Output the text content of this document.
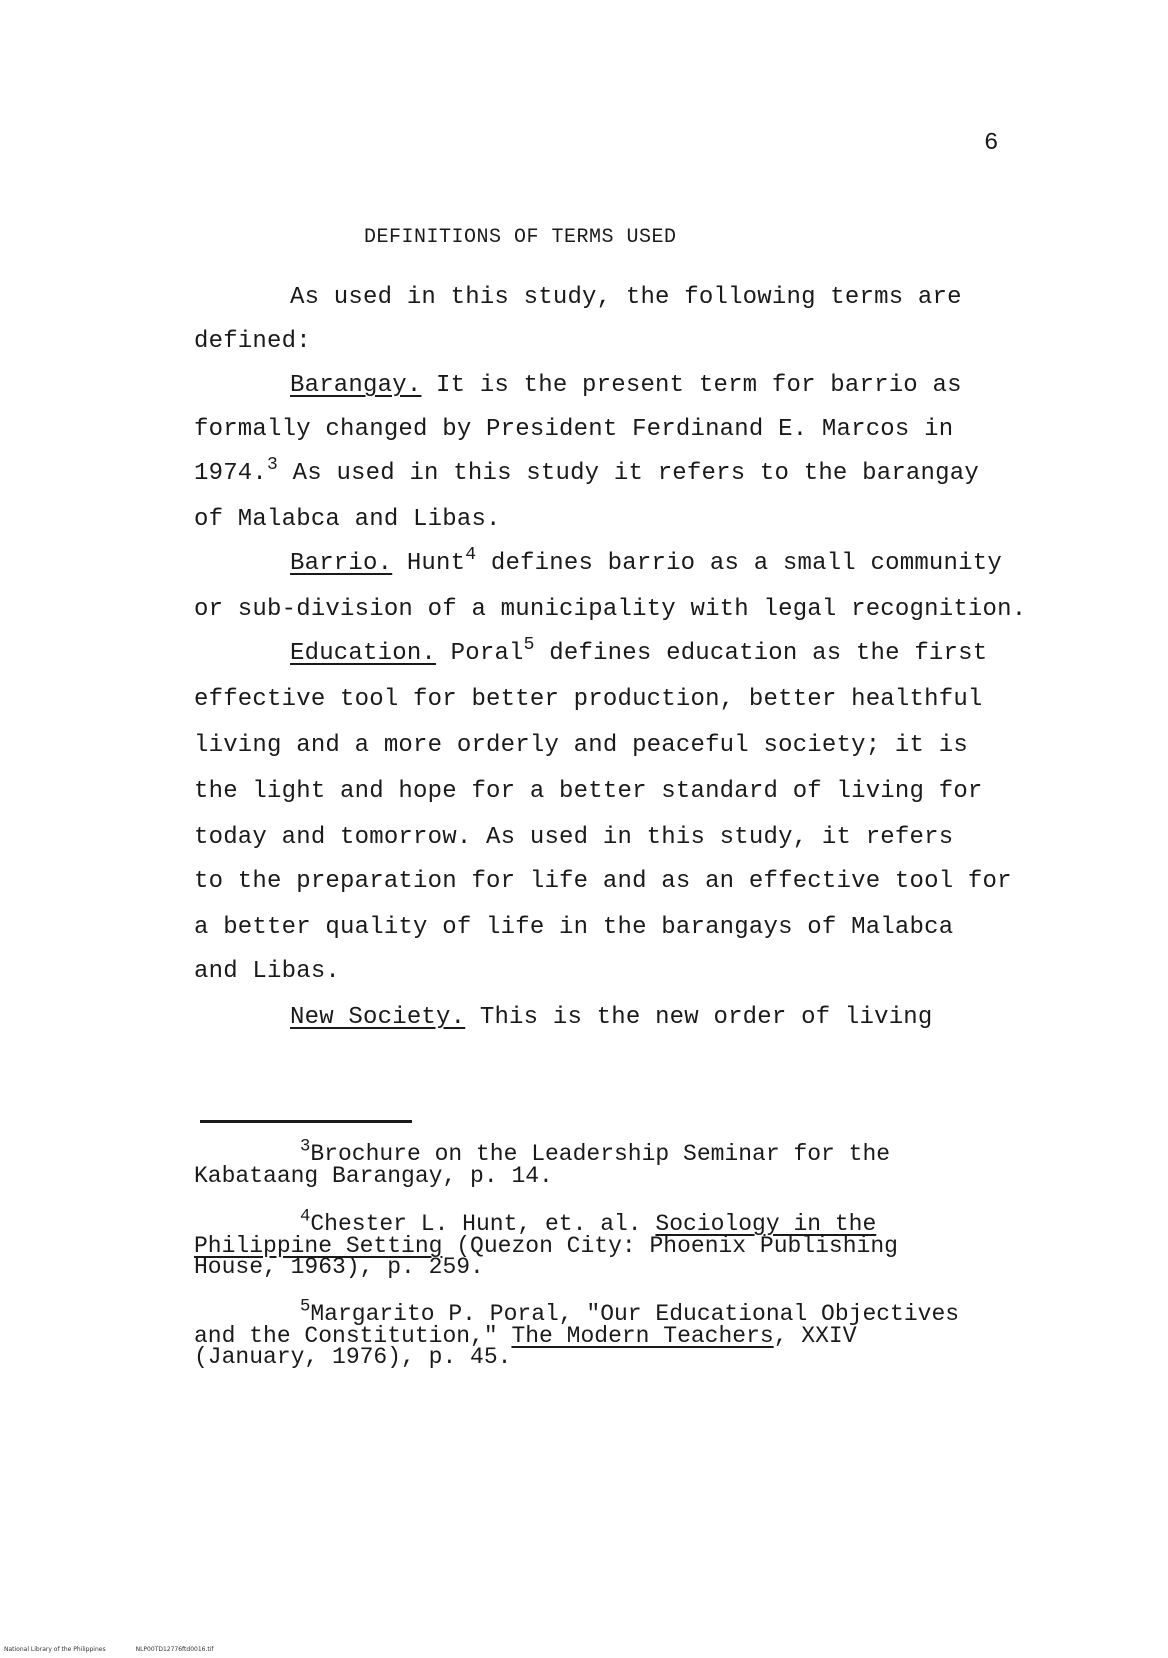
6
DEFINITIONS OF TERMS USED
As used in this study, the following terms are
defined:
Barangay. It is the present term for barrio as
formally changed by President Ferdinand E. Marcos in
1974.$^3$ As used in this study it refers to the barangay
of Malabca and Libas.
Barrio. Hunt$^4$ defines barrio as a small community
or sub-division of a municipality with legal recognition.
Education. Poral$^5$ defines education as the first
effective tool for better production, better healthful
living and a more orderly and peaceful society; it is
the light and hope for a better standard of living for
today and tomorrow. As used in this study, it refers
to the preparation for life and as an effective tool for
a better quality of life in the barangays of Malabca
and Libas.
New Society. This is the new order of living
$^3$Brochure on the Leadership Seminar for the
Kabataang Barangay, p. 14.
$^4$Chester L. Hunt, et. al. Sociology in the
Philippine Setting (Quezon City: Phoenix Publishing
House, 1963), p. 259.
$^5$Margarito P. Poral, "Our Educational Objectives
and the Constitution," The Modern Teachers, XXIV
(January, 1976), p. 45.
National Library of the Philippines	NLP00TD12776ftd0016.tif
